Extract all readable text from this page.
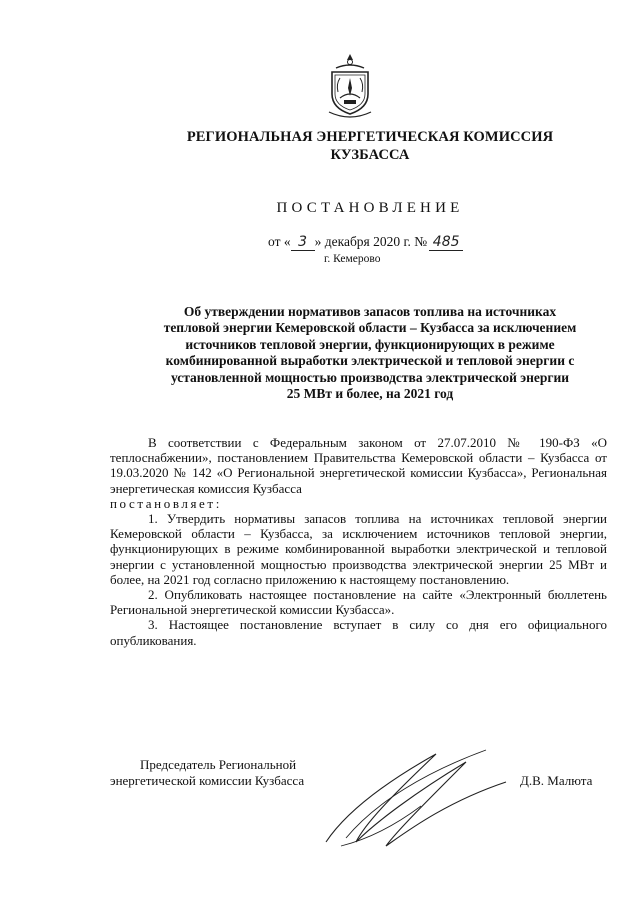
РЕГИОНАЛЬНАЯ ЭНЕРГЕТИЧЕСКАЯ КОМИССИЯ
КУЗБАССА
ПОСТАНОВЛЕНИЕ
от « 3 » декабря 2020 г. № 485
г. Кемерово
Об утверждении нормативов запасов топлива на источниках
тепловой энергии Кемеровской области – Кузбасса за исключением
источников тепловой энергии, функционирующих в режиме
комбинированной выработки электрической и тепловой энергии с
установленной мощностью производства электрической энергии
25 МВт и более, на 2021 год

В соответствии с Федеральным законом от 27.07.2010 № 190-ФЗ «О теплоснабжении», постановлением Правительства Кемеровской области – Кузбасса от 19.03.2020 № 142 «О Региональной энергетической комиссии Кузбасса», Региональная энергетическая комиссия Кузбасса

постановляет:

1. Утвердить нормативы запасов топлива на источниках тепловой энергии Кемеровской области – Кузбасса, за исключением источников тепловой энергии, функционирующих в режиме комбинированной выработки электрической и тепловой энергии с установленной мощностью производства электрической энергии 25 МВт и более, на 2021 год согласно приложению к настоящему постановлению.

2. Опубликовать настоящее постановление на сайте «Электронный бюллетень Региональной энергетической комиссии Кузбасса».

3. Настоящее постановление вступает в силу со дня его официального опубликования.

Председатель Региональной
энергетической комиссии Кузбасса	Д.В. Малюта
